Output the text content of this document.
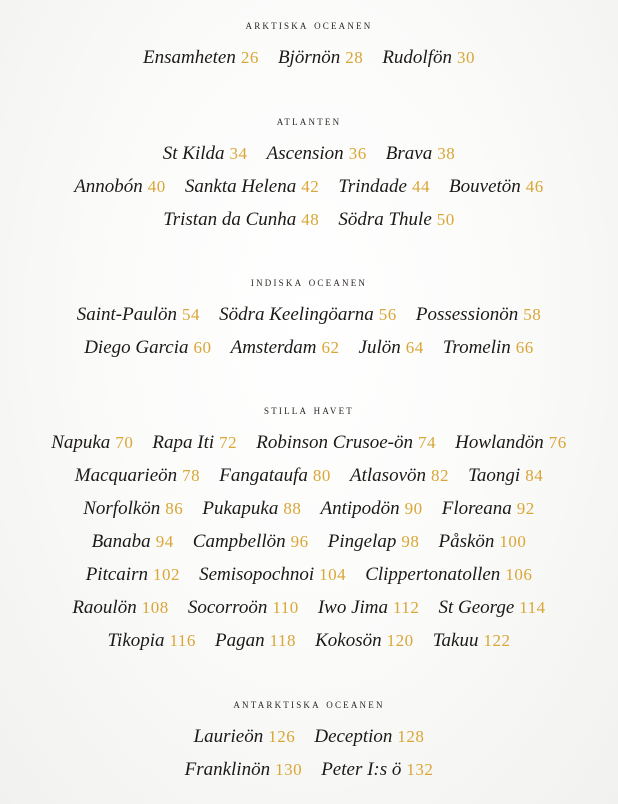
arktiska oceanen
Ensamheten 26 Björnön 28 Rudolfön 30
atlanten
St Kilda 34 Ascension 36 Brava 38
Annobón 40 Sankta Helena 42 Trindade 44 Bouvetön 46
Tristan da Cunha 48 Södra Thule 50
indiska oceanen
Saint-Paulön 54 Södra Keelingöarna 56 Possessionön 58
Diego Garcia 60 Amsterdam 62 Julön 64 Tromelin 66
stilla havet
Napuka 70 Rapa Iti 72 Robinson Crusoe-ön 74 Howlandön 76
Macquarieön 78 Fangataufa 80 Atlasovön 82 Taongi 84
Norfolkön 86 Pukapuka 88 Antipodön 90 Floreana 92
Banaba 94 Campbellön 96 Pingelap 98 Påskön 100
Pitcairn 102 Semisopochnoi 104 Clippertonatollen 106
Raoulön 108 Socorroön 110 Iwo Jima 112 St George 114
Tikopia 116 Pagan 118 Kokosön 120 Takuu 122
antarktiska oceanen
Laurieön 126 Deception 128
Franklinön 130 Peter I:s ö 132
